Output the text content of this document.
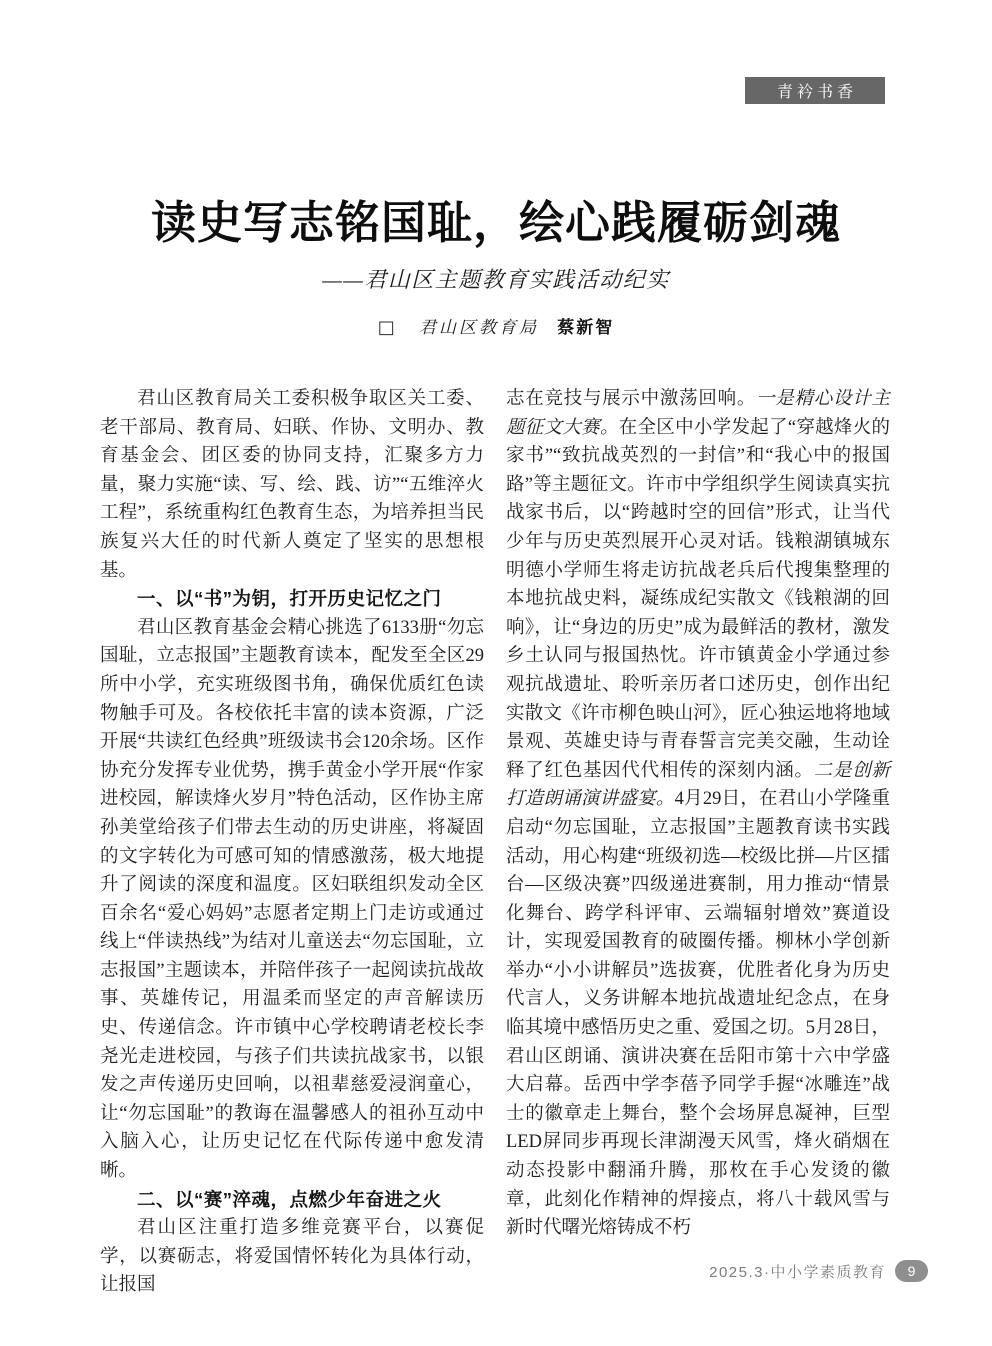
青衿书香
读史写志铭国耻，绘心践履砺剑魂
——君山区主题教育实践活动纪实
□ 君山区教育局 蔡新智
君山区教育局关工委积极争取区关工委、老干部局、教育局、妇联、作协、文明办、教育基金会、团区委的协同支持，汇聚多方力量，聚力实施“读、写、绘、践、访”“五维淬火工程”，系统重构红色教育生态，为培养担当民族复兴大任的时代新人奠定了坚实的思想根基。
一、以“书”为钥，打开历史记忆之门
君山区教育基金会精心挑选了6133册“勿忘国耻，立志报国”主题教育读本，配发至全区29所中小学，充实班级图书角，确保优质红色读物触手可及。各校依托丰富的读本资源，广泛开展“共读红色经典”班级读书会120余场。区作协充分发挥专业优势，携手黄金小学开展“作家进校园，解读烽火岁月”特色活动，区作协主席孙美堂给孩子们带去生动的历史讲座，将凝固的文字转化为可感可知的情感激荡，极大地提升了阅读的深度和温度。区妇联组织发动全区百余名“爱心妈妈”志愿者定期上门走访或通过线上“伴读热线”为结对儿童送去“勿忘国耻，立志报国”主题读本，并陪伴孩子一起阅读抗战故事、英雄传记，用温柔而坚定的声音解读历史、传递信念。许市镇中心学校聘请老校长李尧光走进校园，与孩子们共读抗战家书，以银发之声传递历史回响，以祖辈慈爱浸润童心，让“勿忘国耻”的教诲在温馨感人的祖孙互动中入脑入心，让历史记忆在代际传递中愈发清晰。
二、以“赛”淬魂，点燃少年奋进之火
君山区注重打造多维竞赛平台，以赛促学，以赛砺志，将爱国情怀转化为具体行动，让报国
志在竞技与展示中激荡回响。一是精心设计主题征文大赛。在全区中小学发起了“穿越烽火的家书”“致抗战英烈的一封信”和“我心中的报国路”等主题征文。许市中学组织学生阅读真实抗战家书后，以“跨越时空的回信”形式，让当代少年与历史英烈展开心灵对话。钱粮湖镇城东明德小学师生将走访抗战老兵后代搜集整理的本地抗战史料，凝练成纪实散文《钱粮湖的回响》，让“身边的历史”成为最鲜活的教材，激发乡土认同与报国热忱。许市镇黄金小学通过参观抗战遗址、聆听亲历者口述历史，创作出纪实散文《许市柳色映山河》，匠心独运地将地域景观、英雄史诗与青春誓言完美交融，生动诠释了红色基因代代相传的深刻内涵。二是创新打造朗诵演讲盛宴。4月29日，在君山小学隆重启动“勿忘国耻，立志报国”主题教育读书实践活动，用心构建“班级初选—校级比拼—片区擂台—区级决赛”四级递进赛制，用力推动“情景化舞台、跨学科评审、云端辐射增效”赛道设计，实现爱国教育的破圈传播。柳林小学创新举办“小小讲解员”选拔赛，优胜者化身为历史代言人，义务讲解本地抗战遗址纪念点，在身临其境中感悟历史之重、爱国之切。5月28日，君山区朗诵、演讲决赛在岳阳市第十六中学盛大启幕。岳西中学李蓓予同学手握“冰雕连”战士的徽章走上舞台，整个会场屏息凝神，巨型LED屏同步再现长津湖漫天风雪，烽火硝烟在动态投影中翻涌升腾，那枚在手心发烫的徽章，此刻化作精神的焊接点，将八十载风雪与新时代曙光熔铸成不朽
2025.3·中小学素质教育	9
